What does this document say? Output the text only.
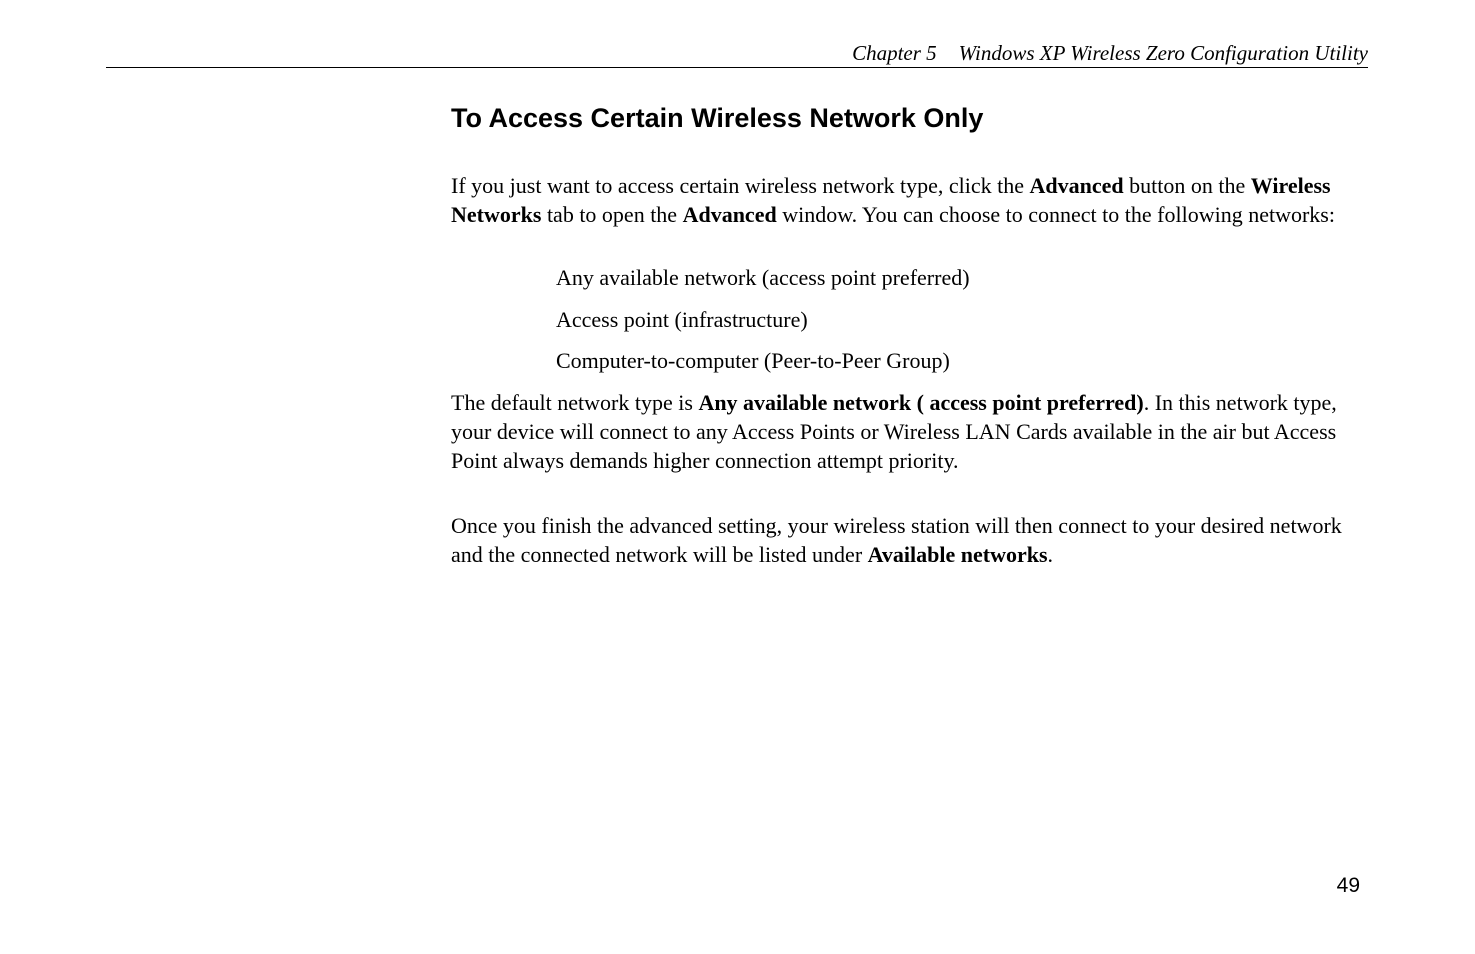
Chapter 5 Windows XP Wireless Zero Configuration Utility
To Access Certain Wireless Network Only

If you just want to access certain wireless network type, click the Advanced button on the Wireless Networks tab to open the Advanced window. You can choose to connect to the following networks:

Any available network (access point preferred)
Access point (infrastructure)
Computer-to-computer (Peer-to-Peer Group)

The default network type is Any available network ( access point preferred). In this network type, your device will connect to any Access Points or Wireless LAN Cards available in the air but Access Point always demands higher connection attempt priority.

Once you finish the advanced setting, your wireless station will then connect to your desired network and the connected network will be listed under Available networks.

49
